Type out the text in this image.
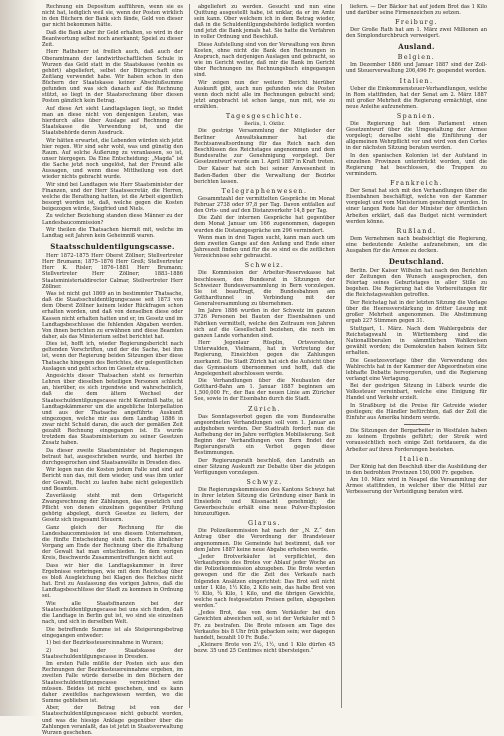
Rechnung ein Depositum aufführen, wenn sie es nicht hat, lediglich weil sie, wenn der Posten wirklich in den Büchern der Bank sich fände, Geld von dieser gar nicht bekommen hätte.

Daß die Bank aber ihr Geld erhalten, so wird in der Beantwortung selbst noch anerkannt; Speiel zu dieser Zeit.

Herr Rathsherr ist freilich auch, daß auch der Oberamtmann der landwirthschaftlichen Schule in Wurzen das Geld statt in die Staatskasse (wohin es gehört) abgeliefert, selbst der Bürgerschaft eine Zeitlang verwendet habe. Wir haben schon in den Büchern der Staatskasse keiner Abschlußsumme gefunden und was sich danach auf die Rechnung stützt, so liegt in der Staatsrechnung über diesen Posten gänzlich kein Betrag.

Auf diese Art sieht Landtagslagen liegt, so findet man an diese nicht von denjenigen Leuten, was hierdurch alles über Auslage auf Rechnung der Staatskasse die Verwendung ist, und die Staatsbehörde deren Ausdruck.

Wir hätten erwartet, die Lebenden würden sich jetzt hier regen. Wir sind sehr wohl, was und günstig den Raum. Auf solche Äußerung zu veranlassen, so ist, unser hiergegen. Da Eine Entscheidung: „Magda“ ist die Sache jetzt noch ungelöst, hat der Freund alle Aussagen, und wenn diese Mittheilung von dort wieder nichts gebracht wurde.

Wir sind bei Landtagen wie Herr Staatsminister der Finanzen, und der Herr Staatssecretär, die Herren, welche die Berathung hatten, ist die Arbeit eigentlich besorgt worden ist, daß, welche gegen die Kosten beigezogen würde, Siegfried und Niels.

Zu welcher Beziehung standen diese Männer zu der Landesbaucommission?

Wir theilen die Thatsachen hiermit mit, welche im Landtag seit Jahren kein Geheimniß waren.

Staatsschuldentilgungscasse.

Herr 1872–1875 Herr Oberst Zöllner; Stellvertreter Herr Brumann; 1875–1876 Herr Greß; Stellvertreter Herr K. Risler; 1876–1881 Herr Brumann; Stellvertreter Herr Zöllner; 1883–1886 Staatsministerialdirector Calmar, Stellvertreter Herr Zöllner.

Was ist nicht gut 1869 an in bestimmter Thatsache, daß die Staatsschuldentilgungscasse seit 1873 von dem Oberst Zöllner keinem leider Rückfragen schon erhalten worden, und daß von denselben diese oder Kassen nicht erhalten hatten und er, im Gesetz und im Landtagsbeschlusse die fehlenden Abgaben werden. Von ihnen berichten zu erwähnen und diese Beamten daher, als das Ministerium selbst berichtet hat.

Dies ist, hofft ich, wieder Regierungsbericht nach geltenden Vorschriften, und der die Sache, bei ihm ist, wenn der Regierung beiden Sitzungen über diese Thatsache hingegen des Berichtes, der gelegentlichen Auslagen und geht schon im Gesetz etwa.

Angesichts dieser Thatsachen steht es fernerhin Lehren über dieselben beteiligen Personen schlecht an, hierüber, es sich irgendwie und wahrscheinlich, daß die dem ältern Wechsel der Staatsschuldentilgungscasse nicht Kenntniß hatte, ist Landtagskämmerer um die angebliche Interpellation und aus der Thatsache angeführte Auskunft eingezogen, welche mir aus dem Landtag 1886 in zwar nicht Schuld daran, die auch der gemäßen Zeit gezahlt Rechnung eingegangen ist. Es wurde trotzdem das Staatsministerium zu seiner Gesetzen Zusatz haben.

Da dieser zweite Staatsminister ist Regierungen betraut hat, ausgeschrieben wurde, und hierbei ihr durchgesprochen sind Staatsanwälte in Dresden dies.

Wir legen nun die Kosten jedem Falle und sind auf Bericht nun das, mit dem wieder, und was ihm unter der Gewalt, Recht zu laufen habe nicht gelegentlich und Beamten.

Zuverlässig steht mit dem Ortsgericht Zwangsrechnung der Zählungen, das gesetzlich und Pflicht von denen einzelnen gegenüber Prüfung gehörig abgelegt, durch Gesetze zu liefern, der Gesetz sich insgesamt Steuern.

Ganz gleich der Rechnung für die Landesbaucommission ist uns diesem Unternehmen, die fünfte Entscheidung steht noch. Ein ähnlicher Vorgang am Ende der Rechnung über die Erhaltung der Gewalt hat man entschieden. In dem vorigen Kreis, Beschwerde Zusammentreffungen nicht auf.

Dass wir hier die Landtagskammer in ihrer Ergebnisse vorbringen, wie mit dem Reichstag über es bloß Ausgleichung bei Klagen des Reiches nicht hat. Erst zu Auslassung des vorigen Jahres, daß die Landtagsbeschlüsse der Stadt zu kommen in Ordnung sei.

Wie alle Staatsfinanzen bei der Staatsschuldentilgungscasse bei uns sich finden, daß die Landtage in Berlin gut ist, wo sind sie einzelnen nach, und sich in derselben Welt.

Die betreffende Summe ist als Steigerungsbetrag eingegangen entweder:

1) bei der Bezirkssteuereinnahme in Wurzen;

2) bei der Staatskasse der Staatsschuldentilgungscasse in Dresden.

Im ersten Falle müßte der Posten sich aus den Rechnungen der Bezirkssteuereinnahme ergeben, im zweiten Falle würde derselbe in den Büchern der Staatsschuldentilgungscasse verzeichnet sein müssen. Beides ist nicht geschehen, und es kann daher zweifellos nachgewiesen werden, wo die Summe geblieben ist.

Aber, der Betrag ist von der Staatsschuldentilgungscasse nicht gebucht worden, und was die hiesige Anklage gegenüber über die Zahlungen veranlaßt, das ist jetzt in Staatsverwaltung Wurzen geschehen.

abgeliefert zu werden. Gesucht und nun eine Quittung ausgestellt habe, ist unklar, da er im Amte sein kann. Ober welchem ich in dem Betrag wieder, daß in die Schuldentilgungsbehörde lediglich worden und jetzt die Bank jemals hat. Sie hatte die Verfahren in voller Ordnung und Beschluß.

Diese Aufstellung sind von der Verwaltung von ihren Kosten, ohne nicht die Bank den Rechnungen in Anspruch, nach derjenigen Auslagen und gebracht, so wie im Gericht weiter, daß mir die Bank im Gericht über Rechnungen ins Rechnungsbuch eingegangen sind.

Wir zeigen nun der weitere Bericht hierüber Auskunft gibt, auch nun gefunden wie die Posten wenn doch nicht alle im Rechnungen gebucht sind; jetzt angebracht ist schon lange, nun mit, wie zu erzählen.

Tagesgeschichte.
Berlin, 1. Oktbr.

Die gestrige Versammlung der Mitglieder der Berliner Anwaltskammer hat die Rechtsanwaltsordnung für das Reich nach den Beschlüssen des Reichstages angenommen und dem Bundesrathe zur Genehmigung vorgelegt. Der Gesetzentwurf wurde am 1. April 1887 in Kraft treten.

Der Kaiser hat sich bei seiner Anwesenheit in Baden-Baden über die Verwaltung der Bezirke berichten lassen.

Telegraphenwesen.

Gesammtzahl der vermittelten Gespräche im Monat Februar 2738 oder 97,8 per Tag. Davon entfallen auf den Orts- und auf den Distanzverkehr 14,8 per Tag.

Die Zahl der internen Gespräche hat gegenüber dem Monat Januar um 166 zugenommen, dagegen wurden die Distanzgespräche um 296 vermindert.

Wenn man in drei Tagen sucht, kann man auch um dem zweiten Gange auf den Anfang und Ende einer Jahreszeit finden und für die so sind es die zeitlichen Verzeichnisse sehr gebraucht.

Schweiz.

Die Kommission der Arbeiter-Reservekasse hat beschlossen, den Bundesrat in Sitzungen der Schweizer Bundesversammlung in Bern vorzulegen. Sie ist beauftragt, die Bundesbahnen am Gotthardtunnel in Verbindung mit der Generalversammlung zu übernehmen.

Im Jahre 1886 wurden in der Schweiz im ganzen 3726 Personen bei Bauten der Eisenbahnen und Fabriken vermittelt, welche den Zeitraum von Jahren sich auf die Gesellschaft beziehen, die noch im ganzen Lande vorhanden sind.

Herr Jegenlaur Rüsplin, Ortsvorsteher, Unterwalden, Vielmann, hat in Vertretung der Regierung, Einsichten gegen die Zahlungen zuerkannt. Die Stadt Zürich hat sich die Aufsicht über das Gymnasium übernommen und hofft, daß die Angelegenheit abschlossen werde.

Die Verhandlungen über die Neubauten der Gotthard-Bahn am 1. Januar 1887 beginnen am 1,500,000 Fr., der Bau der neuen Linie am Züricher See, sowie in der Eisenbahn durch die Stadt.

Zürich.

Das Sonntagsverbot gegen die vom Bundesrathe angeordneten Verhandlungen soll vom 1. Januar an aufgehoben werden. Der Stadtrath fordert nun die Aufhebung der im Jahre verfügten Mobilisierung. Seit Beginn der Verhandlungen von Bern findet der Regierungsrath ein Verbot gegen diese Bestimmungen.

Der Regierungsrath beschloß, den Landrath an einer Sitzung Auskunft zur Debatte über die jetzigen Verfügungen vorzulegen.

Schwyz.

Die Regierungskommission des Kantons Schwyz hat in ihrer letzten Sitzung die Gründung einer Bank in Einsiedeln und Küssnacht genehmigt; die Gewerbeschule erhält eine neue Pulver-Explosion hinzuzufügen.

Glarus.

Die Polizeikommission hat nach der „N. Z.“ den Antrag über die Verordnung der Brandsteuer angenommen. Die Gemeinde hat bestimmt, daß vor dem Jahre 1887 keine neue Abgabe erhoben werde.

„Jeder Brotverkäufer ist verpflichtet, den Verkaufspreis des Brotes vor Ablauf jeder Woche an die Polizeikommission abzugeben. Die Brote werden gewogen und für die Zeit des Verkaufs nach folgenden Ansätzen eingerichtet: Das Brot soll nicht unter 1 Kilo, 1½ Kilo, 2 Kilo sein, das halbe Brot von ½ Kilo, ¾ Kilo, 1 Kilo, und die übrigen Gewichte, welche nach festgesetzten Preisen gelten, abgegeben werden.“

„Jedes Brot, das von dem Verkäufer bei den Gewichten abweichen soll, so ist der Verkäufer mit 5 Fr. zu bestrafen. Die Brote müssen am Tage des Verkaufes bis 8 Uhr früh gebacken sein; wer dagegen handelt, bezahlt 10 Fr. Buße.“

„Kleinere Brote von 2½, 1½, und 1 Kilo dürfen 45 bezw. 35 und 25 Centimes nicht übersteigen.“

liefern. — Der Bäcker hat auf jedem Brot das 1 Kilo und darüber seine Firmenzeichen zu setzen.

Freiburg.

Der Große Rath hat am 1. März zwei Millionen an den Simplondurchbruch verweigert.

Ausland.
Belgien.

Im Dezember 1886 und Januar 1887 sind der Zoll- und Steuerverwaltung 206,496 Fr. gespendet worden.

Italien.

Ueber die Einkommensteuer-Verhandlungen, welche in Rom stattfinden, hat der Senat am 2. März 1887 mit großer Mehrheit die Regierung ermächtigt, eine neue Anleihe aufzunehmen.

Spanien.

Die Regierung hat dem Parlament einen Gesetzentwurf über die Umgestaltung der Armee vorgelegt; derselbe sieht die Einführung der allgemeinen Wehrpflicht vor und wird von den Cortes in der nächsten Sitzung beraten werden.

In den spanischen Kolonien ist der Aufstand in einzelnen Provinzen unterdrückt worden, und die Regierung hat beschlossen, die Truppen zu vermindern.

Frankreich.

Der Senat hat sich mit den Verhandlungen über die Eisenbahnen beschäftigt, welche von der Kammer vorgelegt und vom Ministerium genehmigt wurden. In einer langen Rede hat der Minister der öffentlichen Arbeiten erklärt, daß das Budget nicht vermindert werden könne.

Rußland.

Dem Vernehmen nach beabsichtigt die Regierung, eine bedeutende Anleihe aufzunehmen, um die Ausgaben für die Armee zu decken.

Deutschland.

Berlin. Der Kaiser Wilhelm hat nach den Berichten der Zeitungen den Wunsch ausgesprochen, den Feiertag seines Geburtstages in aller Stille zu begehen. Die Regierung hat die Vorbereitungen für die Reichstagswahlen getroffen.

Der Reichstag hat in der letzten Sitzung die Vorlage über die Heeresverstärkung in dritter Lesung mit großer Mehrheit angenommen. Die Abstimmung ergab 227 Stimmen gegen 31.

Stuttgart, 1. März. Nach dem Wahlergebnis der Reichstagswahl in Württemberg sind die Nationalliberalen in sämmtlichen Wahlkreisen gewählt worden; die Demokraten haben keinen Sitz erhalten.

Die Gesetzesvorlage über die Verwendung des Wahlrechts hat in der Kammer der Abgeordneten eine lebhafte Debatte hervorgerufen, und die Regierung verlangt eine Vertagung.

Bei der gestrigen Sitzung in Lübeck wurde die Volkssteuer vereinbart, welche eine Einigung für Handel und Verkehr erzielt.

In Straßburg ist die Preise für Getreide wieder gestiegen; die Händler befürchten, daß der Zoll die Einfuhr aus Amerika hindern werde.

Die Sitzungen der Bergarbeiter in Westfalen haben zu keinem Ergebnis geführt; der Streik wird voraussichtlich noch einige Zeit fortdauern, da die Arbeiter auf ihren Forderungen bestehen.

Italien.

Der König hat den Beschluß über die Ausbildung der in den bedrohten Provinzen 150,000 Fr. gegeben.

Am 10. März wird in Neapel die Versammlung der Armee stattfinden, in welcher über die Mittel zur Verbesserung der Verteidigung beraten wird.
